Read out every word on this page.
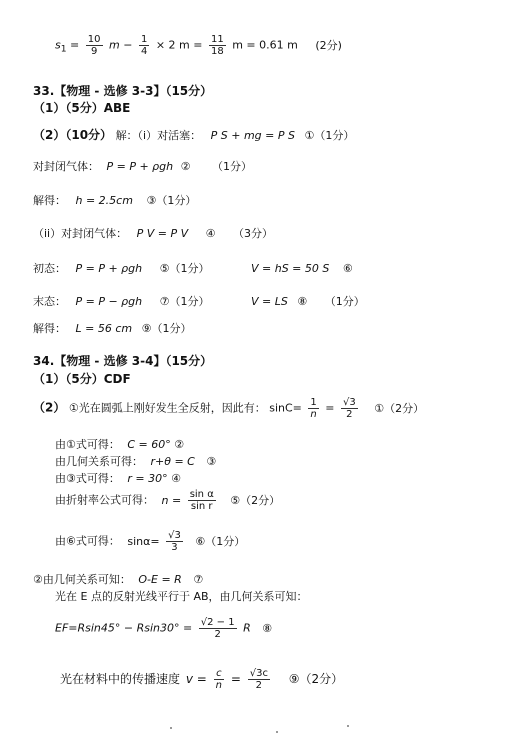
$s_1 = \frac{10}{9}$ $m - \frac{1}{4} \times 2$ $m = \frac{11}{18}$ m = 0.61 m (2分)
33.【物理 - 选修 3-3】（15分）
（1）（5分）ABE
（2）（10分） 解：（i）对活塞： P S + mg = P S ①（1分）
对封闭气体： P = P + ρgh ② （1分）
解得： h = 2.5cm ③（1分）
（ii）对封闭气体： P V = P V ④ （3分）
初态： P = P + ρgh ⑤（1分）	V = hS = 50 S ⑥
末态： P = P − ρgh ⑦（1分）	V = LS ⑧ （1分）
解得： L = 56 cm ⑨（1分）
34.【物理 - 选修 3-4】（15分）
（1）（5分）CDF
（2） ①光在圆弧上刚好发生全反射，因此有： $\sin C= \frac{1}{n} = \frac{√3}{2}$ ①（2分）
由①式可得： C = 60° ②
由几何关系可得： r+θ = C ③
由③式可得： r = 30° ④
由折射率公式可得： $n = \frac{\text{sin α}}{\text{sin r}}$ ⑤（2分）
由⑥式可得： $\sin\alpha= \frac{√3}{3}$ ⑥（1分）
②由几何关系可知： O-E = R ⑦
光在 E 点的反射光线平行于 AB，由几何关系可知：
$EF=Rsin45^\circ - Rsin30^\circ = \frac{√2 - 1}{2}$ R ⑧
光在材料中的传播速度 $v = \frac{c}{n} = \frac{√3c}{2}$ ⑨（2分）
